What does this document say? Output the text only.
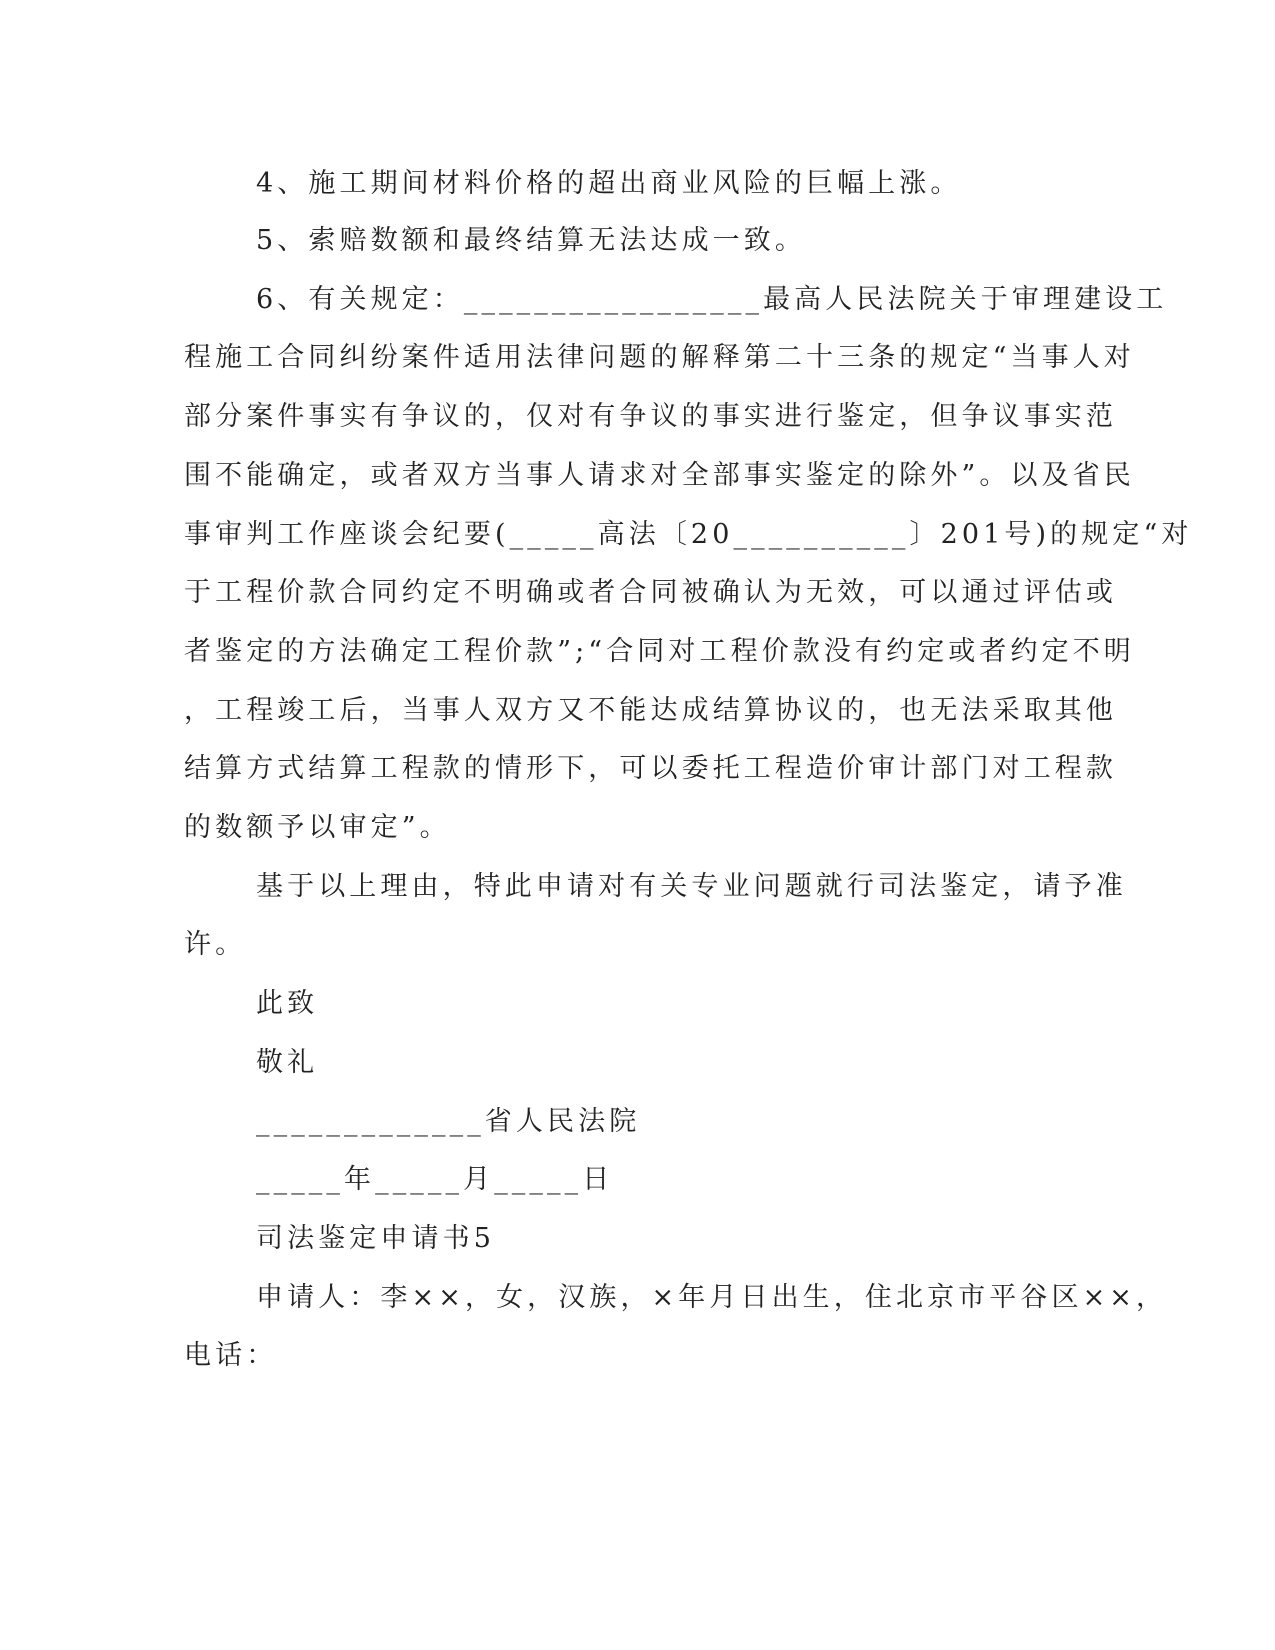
4、施工期间材料价格的超出商业风险的巨幅上涨。
5、索赔数额和最终结算无法达成一致。
6、有关规定：_________________最高人民法院关于审理建设工
程施工合同纠纷案件适用法律问题的解释第二十三条的规定“当事人对
部分案件事实有争议的，仅对有争议的事实进行鉴定，但争议事实范
围不能确定，或者双方当事人请求对全部事实鉴定的除外”。以及省民
事审判工作座谈会纪要(_____高法〔20__________〕201号)的规定“对
于工程价款合同约定不明确或者合同被确认为无效，可以通过评估或
者鉴定的方法确定工程价款”;“合同对工程价款没有约定或者约定不明
，工程竣工后，当事人双方又不能达成结算协议的，也无法采取其他
结算方式结算工程款的情形下，可以委托工程造价审计部门对工程款
的数额予以审定”。
基于以上理由，特此申请对有关专业问题就行司法鉴定，请予准
许。
此致
敬礼
_____________省人民法院
_____年_____月_____日
司法鉴定申请书5
申请人：李××，女，汉族，×年月日出生，住北京市平谷区××，
电话：
